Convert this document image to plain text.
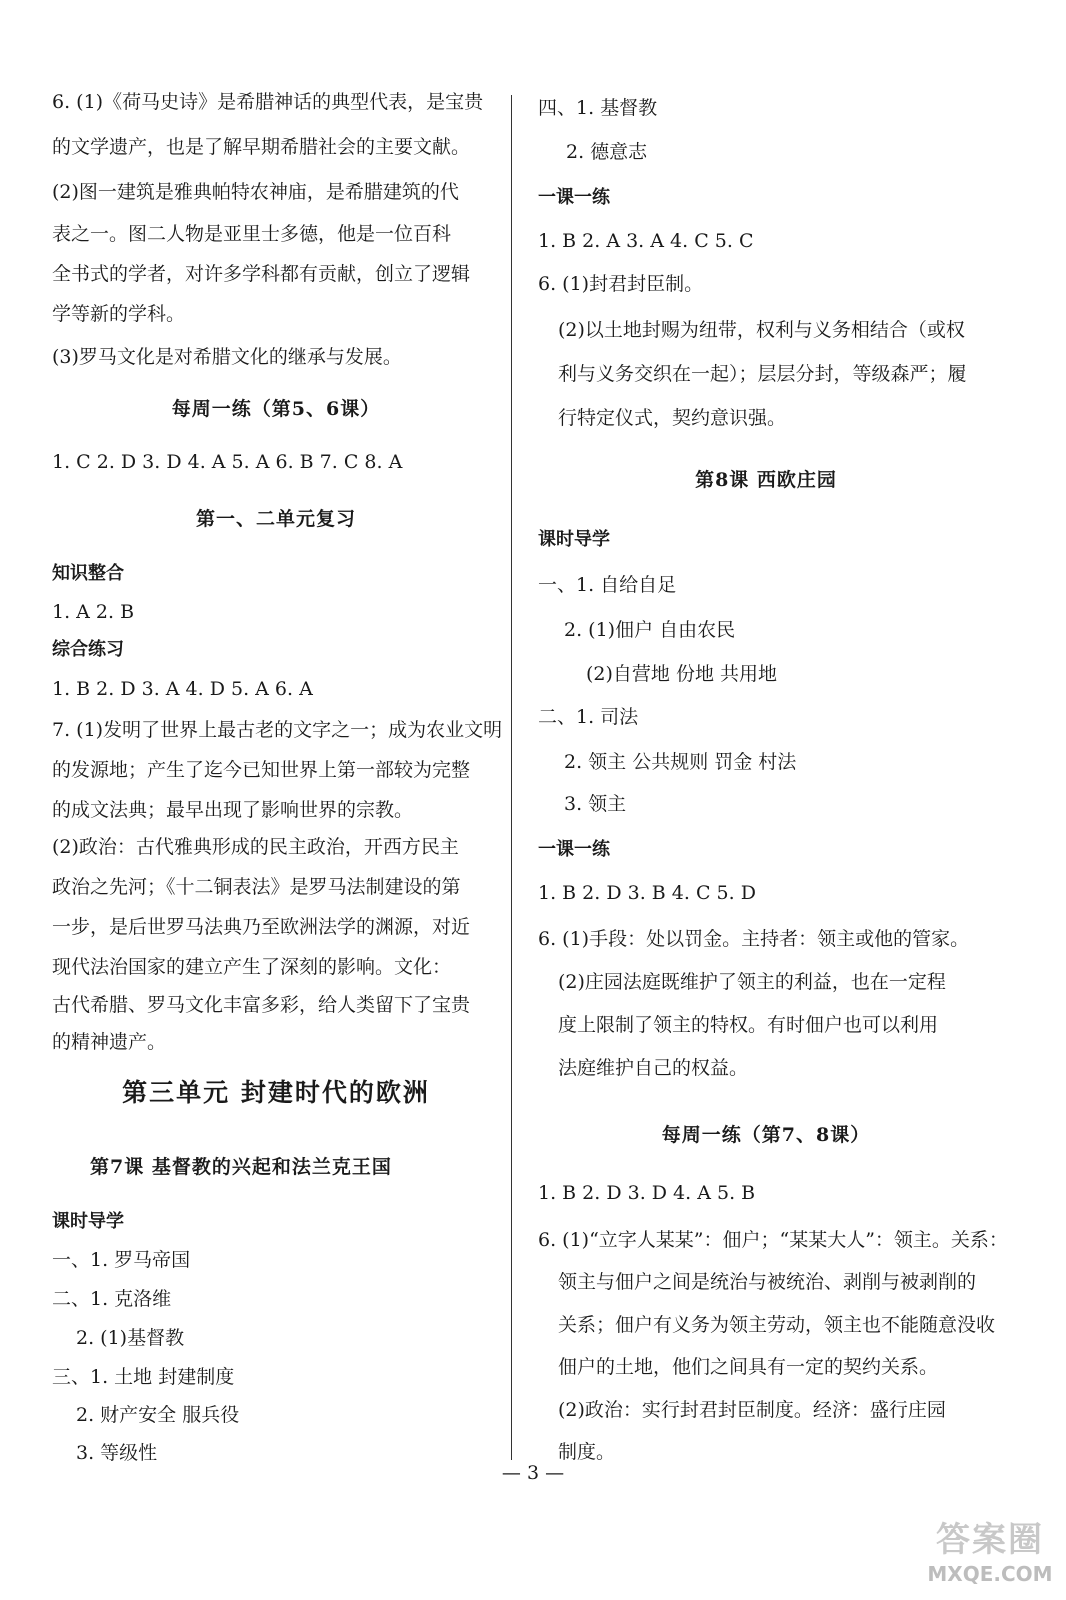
6. (1)《荷马史诗》是希腊神话的典型代表，是宝贵
的文学遗产，也是了解早期希腊社会的主要文献。
(2)图一建筑是雅典帕特农神庙，是希腊建筑的代
表之一。图二人物是亚里士多德，他是一位百科
全书式的学者，对许多学科都有贡献，创立了逻辑
学等新的学科。
(3)罗马文化是对希腊文化的继承与发展。
每周一练（第5、6课）
1. C 2. D 3. D 4. A 5. A 6. B 7. C 8. A
第一、二单元复习
知识整合
1. A 2. B
综合练习
1. B 2. D 3. A 4. D 5. A 6. A
7. (1)发明了世界上最古老的文字之一；成为农业文明
的发源地；产生了迄今已知世界上第一部较为完整
的成文法典；最早出现了影响世界的宗教。
(2)政治：古代雅典形成的民主政治，开西方民主
政治之先河；《十二铜表法》是罗马法制建设的第
一步，是后世罗马法典乃至欧洲法学的渊源，对近
现代法治国家的建立产生了深刻的影响。文化：
古代希腊、罗马文化丰富多彩，给人类留下了宝贵
的精神遗产。
第三单元 封建时代的欧洲
第7课 基督教的兴起和法兰克王国
课时导学
一、1. 罗马帝国
二、1. 克洛维
2. (1)基督教
三、1. 土地 封建制度
2. 财产安全 服兵役
3. 等级性
四、1. 基督教
2. 德意志
一课一练
1. B 2. A 3. A 4. C 5. C
6. (1)封君封臣制。
(2)以土地封赐为纽带，权利与义务相结合（或权
利与义务交织在一起）；层层分封，等级森严；履
行特定仪式，契约意识强。
第8课 西欧庄园
课时导学
一、1. 自给自足
2. (1)佃户 自由农民
(2)自营地 份地 共用地
二、1. 司法
2. 领主 公共规则 罚金 村法
3. 领主
一课一练
1. B 2. D 3. B 4. C 5. D
6. (1)手段：处以罚金。主持者：领主或他的管家。
(2)庄园法庭既维护了领主的利益，也在一定程
度上限制了领主的特权。有时佃户也可以利用
法庭维护自己的权益。
每周一练（第7、8课）
1. B 2. D 3. D 4. A 5. B
6. (1)“立字人某某”：佃户；“某某大人”：领主。关系：
领主与佃户之间是统治与被统治、剥削与被剥削的
关系；佃户有义务为领主劳动，领主也不能随意没收
佃户的土地，他们之间具有一定的契约关系。
(2)政治：实行封君封臣制度。经济：盛行庄园
制度。
— 3 —
答案圈
MXQE.COM
